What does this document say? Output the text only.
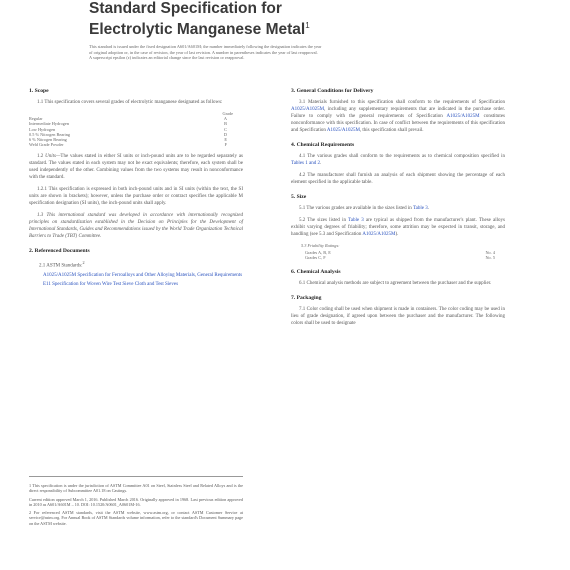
Standard Specification for
Electrolytic Manganese Metal$^1$
This standard is issued under the fixed designation A601/A601M; the number immediately following the designation indicates the year
of original adoption or, in the case of revision, the year of last revision. A number in parentheses indicates the year of last reapproval.
A superscript epsilon (ε) indicates an editorial change since the last revision or reapproval.
1. Scope

1.1 This specification covers several grades of electrolytic manganese designated as follows:

Grade
Regular	A
Intermediate Hydrogen	B
Low Hydrogen	C
0.5 % Nitrogen Bearing	D
6 % Nitrogen Bearing	E
Weld Grade Powder	F

1.2 Units—The values stated in either SI units or inch-pound units are to be regarded separately as standard. The values stated in each system may not be exact equivalents; therefore, each system shall be used independently of the other. Combining values from the two systems may result in nonconformance with the standard.

1.2.1 This specification is expressed in both inch-pound units and in SI units (within the text, the SI units are shown in brackets); however, unless the purchase order or contract specifies the applicable M specification designation (SI units), the inch-pound units shall apply.

1.3 This international standard was developed in accordance with internationally recognized principles on standardization established in the Decision on Principles for the Development of International Standards, Guides and Recommendations issued by the World Trade Organization Technical Barriers to Trade (TBT) Committee.

2. Referenced Documents
2.1 ASTM Standards:$^2$
A1025/A1025M Specification for Ferroalloys and Other Alloying Materials, General Requirements
E11 Specification for Woven Wire Test Sieve Cloth and Test Sieves

1 This specification is under the jurisdiction of ASTM Committee A01 on Steel, Stainless Steel and Related Alloys and is the direct responsibility of Subcommittee A01.18 on Castings.

Current edition approved March 1, 2016. Published March 2016. Originally approved in 1968. Last previous edition approved in 2010 as A601/A601M – 10. DOI: 10.1520/A0601_A0601M-16.

2 For referenced ASTM standards, visit the ASTM website, www.astm.org, or contact ASTM Customer Service at service@astm.org. For Annual Book of ASTM Standards volume information, refer to the standard's Document Summary page on the ASTM website.

3. General Conditions for Delivery

3.1 Materials furnished to this specification shall conform to the requirements of Specification A1025/A1025M, including any supplementary requirements that are indicated in the purchase order. Failure to comply with the general requirements of Specification A1025/A1025M constitutes nonconformance with this specification. In case of conflict between the requirements of this specification and Specification A1025/A1025M, this specification shall prevail.

4. Chemical Requirements

4.1 The various grades shall conform to the requirements as to chemical composition specified in Tables 1 and 2.

4.2 The manufacturer shall furnish an analysis of each shipment showing the percentage of each element specified in the applicable table.

5. Size

5.1 The various grades are available in the sizes listed in Table 3.

5.2 The sizes listed in Table 3 are typical as shipped from the manufacturer's plant. These alloys exhibit varying degrees of friability; therefore, some attrition may be expected in transit, storage, and handling (see 5.3 and Specification A1025/A1025M).

5.3 Friability Ratings:
Grades A, B, E	No. 4
Grades C, F	No. 5
6. Chemical Analysis

6.1 Chemical analysis methods are subject to agreement between the purchaser and the supplier.

7. Packaging

7.1 Color coding shall be used when shipment is made in containers. The color coding may be used in lieu of grade designation, if agreed upon between the purchaser and the manufacturer. The following colors shall be used to designate
